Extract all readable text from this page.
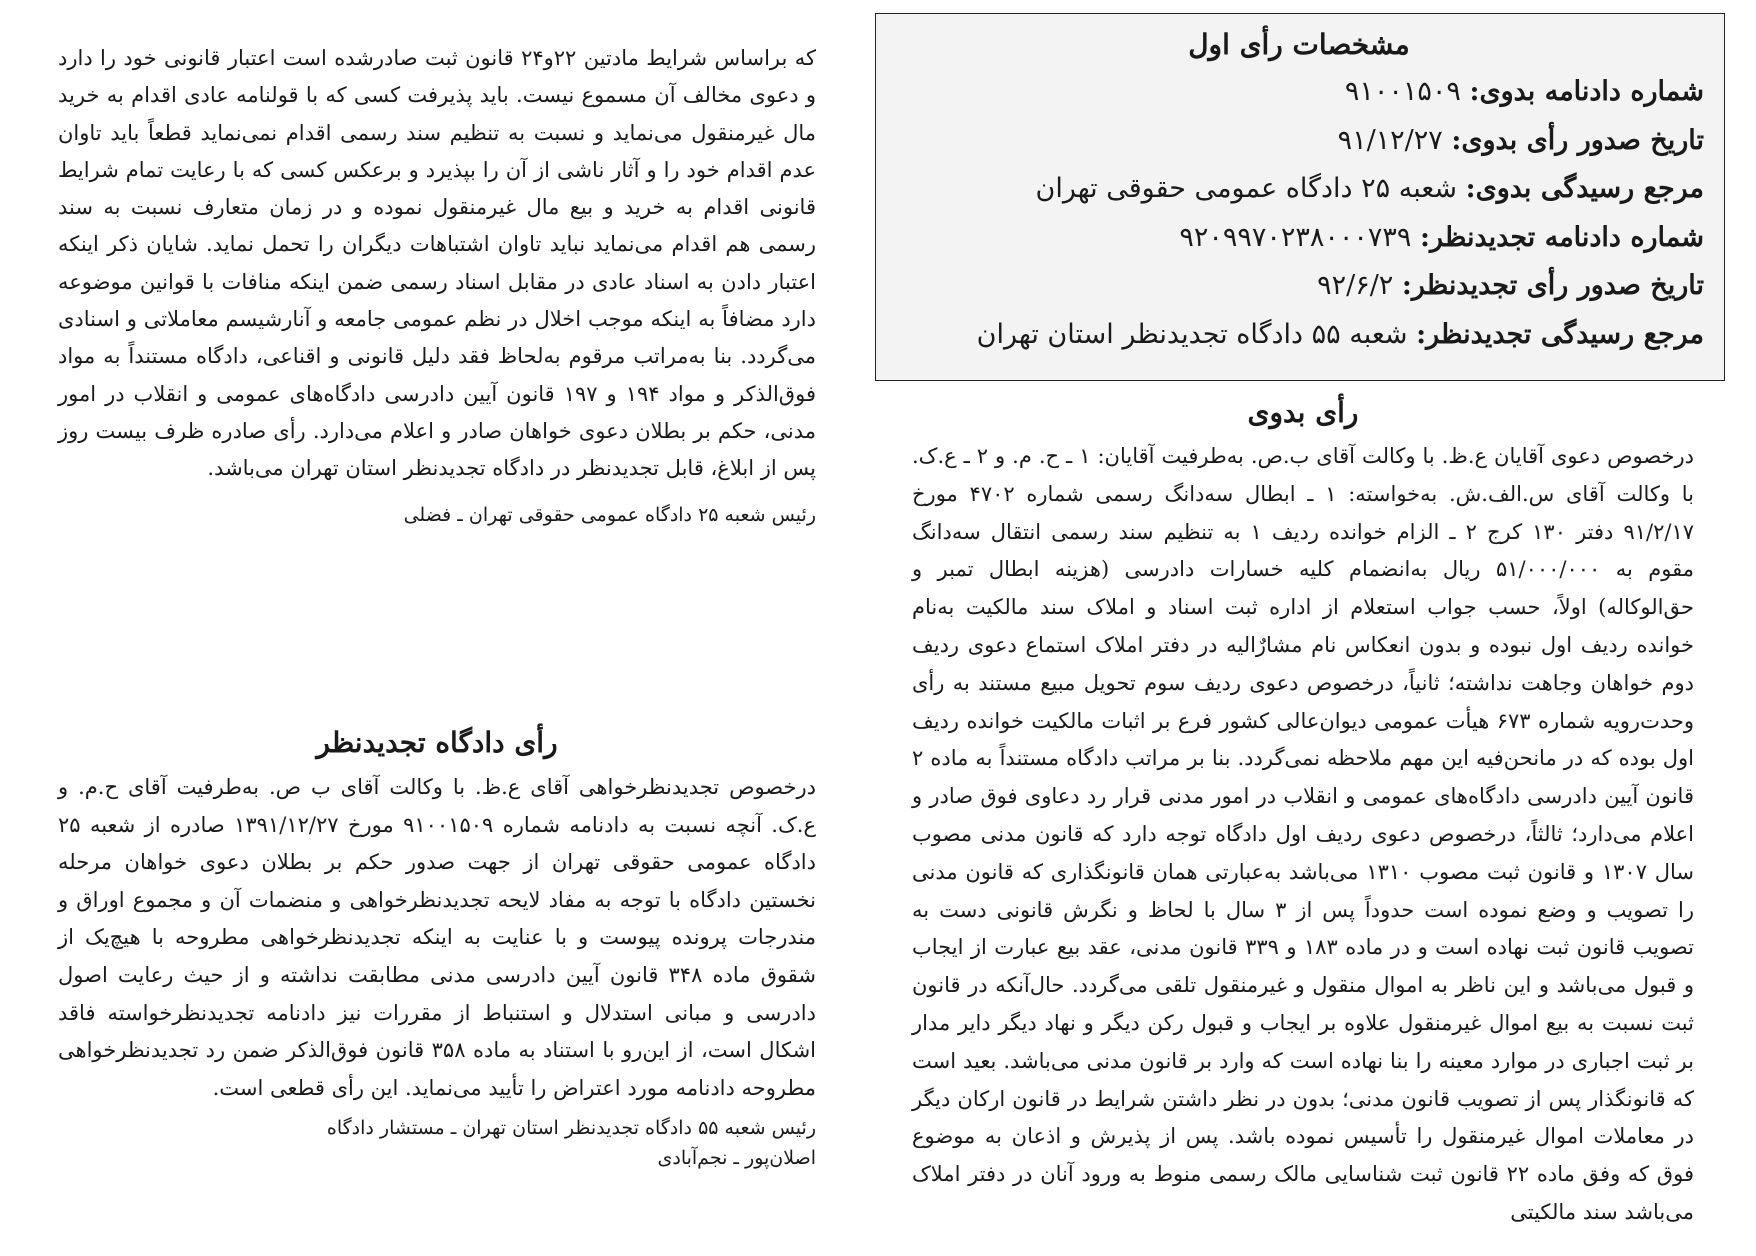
مشخصات رأی اول

شماره دادنامه بدوی: ۹۱۰۰۱۵۰۹
تاریخ صدور رأی بدوی: ۹۱/۱۲/۲۷
مرجع رسیدگی بدوی: شعبه ۲۵ دادگاه عمومی حقوقی تهران
شماره دادنامه تجدیدنظر: ۹۲۰۹۹۷۰۲۳۸۰۰۰۷۳۹
تاریخ صدور رأی تجدیدنظر: ۹۲/۶/۲
مرجع رسیدگی تجدیدنظر: شعبه ۵۵ دادگاه تجدیدنظر استان تهران
رأی بدوی

درخصوص دعوی آقایان ع.ظ. با وکالت آقای ب.ص. به‌طرفیت آقایان: ۱ ـ ح. م. و ۲ ـ ع.ک. با وکالت آقای س.الف.ش. به‌خواسته: ۱ ـ ابطال سه‌دانگ رسمی شماره ۴۷۰۲ مورخ ۹۱/۲/۱۷ دفتر ۱۳۰ کرج ۲ ـ الزام خوانده ردیف ۱ به تنظیم سند رسمی انتقال سه‌دانگ مقوم به ۵۱/۰۰۰/۰۰۰ ریال به‌انضمام کلیه خسارات دادرسی (هزینه ابطال تمبر و حق‌الوکاله) اولاً، حسب جواب استعلام از اداره ثبت اسناد و املاک سند مالکیت به‌نام خوانده ردیف اول نبوده و بدون انعکاس نام مشارٌالیه در دفتر املاک استماع دعوی ردیف دوم خواهان وجاهت نداشته؛ ثانیاً، درخصوص دعوی ردیف سوم تحویل مبیع مستند به رأی وحدت‌رویه شماره ۶۷۳ هیأت عمومی دیوان‌عالی کشور فرع بر اثبات مالکیت خوانده ردیف اول بوده که در مانحن‌فیه این مهم ملاحظه نمی‌گردد. بنا بر مراتب دادگاه مستنداً به ماده ۲ قانون آیین دادرسی دادگاه‌های عمومی و انقلاب در امور مدنی قرار رد دعاوی فوق صادر و اعلام می‌دارد؛ ثالثاً، درخصوص دعوی ردیف اول دادگاه توجه دارد که قانون مدنی مصوب سال ۱۳۰۷ و قانون ثبت مصوب ۱۳۱۰ می‌باشد به‌عبارتی همان قانونگذاری که قانون مدنی را تصویب و وضع نموده است حدوداً پس از ۳ سال با لحاظ و نگرش قانونی دست به تصویب قانون ثبت نهاده است و در ماده ۱۸۳ و ۳۳۹ قانون مدنی، عقد بیع عبارت از ایجاب و قبول می‌باشد و این ناظر به اموال منقول و غیرمنقول تلقی می‌گردد. حال‌آنکه در قانون ثبت نسبت به بیع اموال غیرمنقول علاوه بر ایجاب و قبول رکن دیگر و نهاد دیگر دایر مدار بر ثبت اجباری در موارد معینه را بنا نهاده است که وارد بر قانون مدنی می‌باشد. بعید است که قانونگذار پس از تصویب قانون مدنی؛ بدون در نظر داشتن شرایط در قانون ارکان دیگر در معاملات اموال غیرمنقول را تأسیس نموده باشد. پس از پذیرش و اذعان به موضوع فوق که وفق ماده ۲۲ قانون ثبت شناسایی مالک رسمی منوط به ورود آنان در دفتر املاک می‌باشد سند مالکیتی

که براساس شرایط مادتین ۲۲و۲۴ قانون ثبت صادرشده است اعتبار قانونی خود را دارد و دعوی مخالف آن مسموع نیست. باید پذیرفت کسی که با قولنامه عادی اقدام به خرید مال غیرمنقول می‌نماید و نسبت به تنظیم سند رسمی اقدام نمی‌نماید قطعاً باید تاوان عدم اقدام خود را و آثار ناشی از آن را بپذیرد و برعکس کسی که با رعایت تمام شرایط قانونی اقدام به خرید و بیع مال غیرمنقول نموده و در زمان متعارف نسبت به سند رسمی هم اقدام می‌نماید نباید تاوان اشتباهات دیگران را تحمل نماید. شایان ذکر اینکه اعتبار دادن به اسناد عادی در مقابل اسناد رسمی ضمن اینکه منافات با قوانین موضوعه دارد مضافاً به اینکه موجب اخلال در نظم عمومی جامعه و آنارشیسم معاملاتی و اسنادی می‌گردد. بنا به‌مراتب مرقوم به‌لحاظ فقد دلیل قانونی و اقناعی، دادگاه مستنداً به مواد فوق‌الذکر و مواد ۱۹۴ و ۱۹۷ قانون آیین دادرسی دادگاه‌های عمومی و انقلاب در امور مدنی، حکم بر بطلان دعوی خواهان صادر و اعلام می‌دارد. رأی صادره ظرف بیست روز پس از ابلاغ، قابل تجدیدنظر در دادگاه تجدیدنظر استان تهران می‌باشد.

رئیس شعبه ۲۵ دادگاه عمومی حقوقی تهران ـ فضلی

رأی دادگاه تجدیدنظر

درخصوص تجدیدنظرخواهی آقای ع.ظ. با وکالت آقای ب ص. به‌طرفیت آقای ح.م. و ع.ک. آنچه نسبت به دادنامه شماره ۹۱۰۰۱۵۰۹ مورخ ۱۳۹۱/۱۲/۲۷ صادره از شعبه ۲۵ دادگاه عمومی حقوقی تهران از جهت صدور حکم بر بطلان دعوی خواهان مرحله نخستین دادگاه با توجه به مفاد لایحه تجدیدنظرخواهی و منضمات آن و مجموع اوراق و مندرجات پرونده پیوست و با عنایت به اینکه تجدیدنظرخواهی مطروحه با هیچ‌یک از شقوق ماده ۳۴۸ قانون آیین دادرسی مدنی مطابقت نداشته و از حیث رعایت اصول دادرسی و مبانی استدلال و استنباط از مقررات نیز دادنامه تجدیدنظرخواسته فاقد اشکال است، از این‌رو با استناد به ماده ۳۵۸ قانون فوق‌الذکر ضمن رد تجدیدنظرخواهی مطروحه دادنامه مورد اعتراض را تأیید می‌نماید. این رأی قطعی است.

رئیس شعبه ۵۵ دادگاه تجدیدنظر استان تهران ـ مستشار دادگاه

اصلان‌پور ـ نجم‌آبادی
